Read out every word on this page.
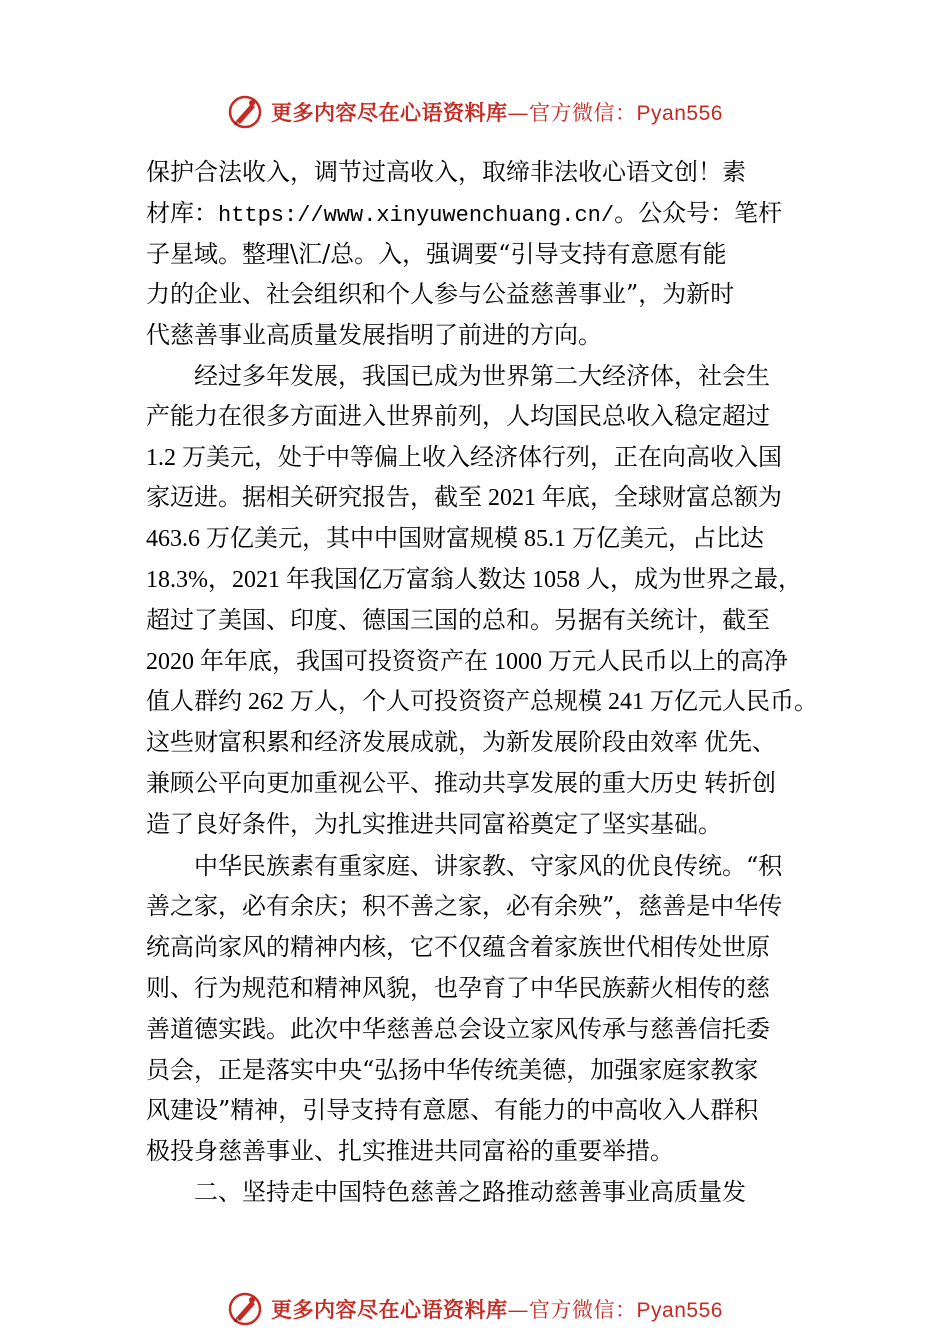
更多内容尽在心语资料库—官方微信：Pyan556
保护合法收入，调节过高收入，取缔非法收心语文创！素
材库：https://www.xinyuwenchuang.cn/。公众号：笔杆
子星域。整理\汇/总。入，强调要“引导支持有意愿有能
力的企业、社会组织和个人参与公益慈善事业”，为新时
代慈善事业高质量发展指明了前进的方向。
经过多年发展，我国已成为世界第二大经济体，社会生
产能力在很多方面进入世界前列，人均国民总收入稳定超过
1.2 万美元，处于中等偏上收入经济体行列，正在向高收入国
家迈进。据相关研究报告，截至 2021 年底，全球财富总额为
463.6 万亿美元，其中中国财富规模 85.1 万亿美元，占比达
18.3%，2021 年我国亿万富翁人数达 1058 人，成为世界之最，
超过了美国、印度、德国三国的总和。另据有关统计，截至
2020 年年底，我国可投资资产在 1000 万元人民币以上的高净
值人群约 262 万人，个人可投资资产总规模 241 万亿元人民币。
这些财富积累和经济发展成就，为新发展阶段由效率 优先、
兼顾公平向更加重视公平、推动共享发展的重大历史 转折创
造了良好条件，为扎实推进共同富裕奠定了坚实基础。
中华民族素有重家庭、讲家教、守家风的优良传统。“积
善之家，必有余庆；积不善之家，必有余殃”，慈善是中华传
统高尚家风的精神内核，它不仅蕴含着家族世代相传处世原
则、行为规范和精神风貌，也孕育了中华民族薪火相传的慈
善道德实践。此次中华慈善总会设立家风传承与慈善信托委
员会，正是落实中央“弘扬中华传统美德，加强家庭家教家
风建设”精神，引导支持有意愿、有能力的中高收入人群积
极投身慈善事业、扎实推进共同富裕的重要举措。
二、坚持走中国特色慈善之路推动慈善事业高质量发
更多内容尽在心语资料库—官方微信：Pyan556
